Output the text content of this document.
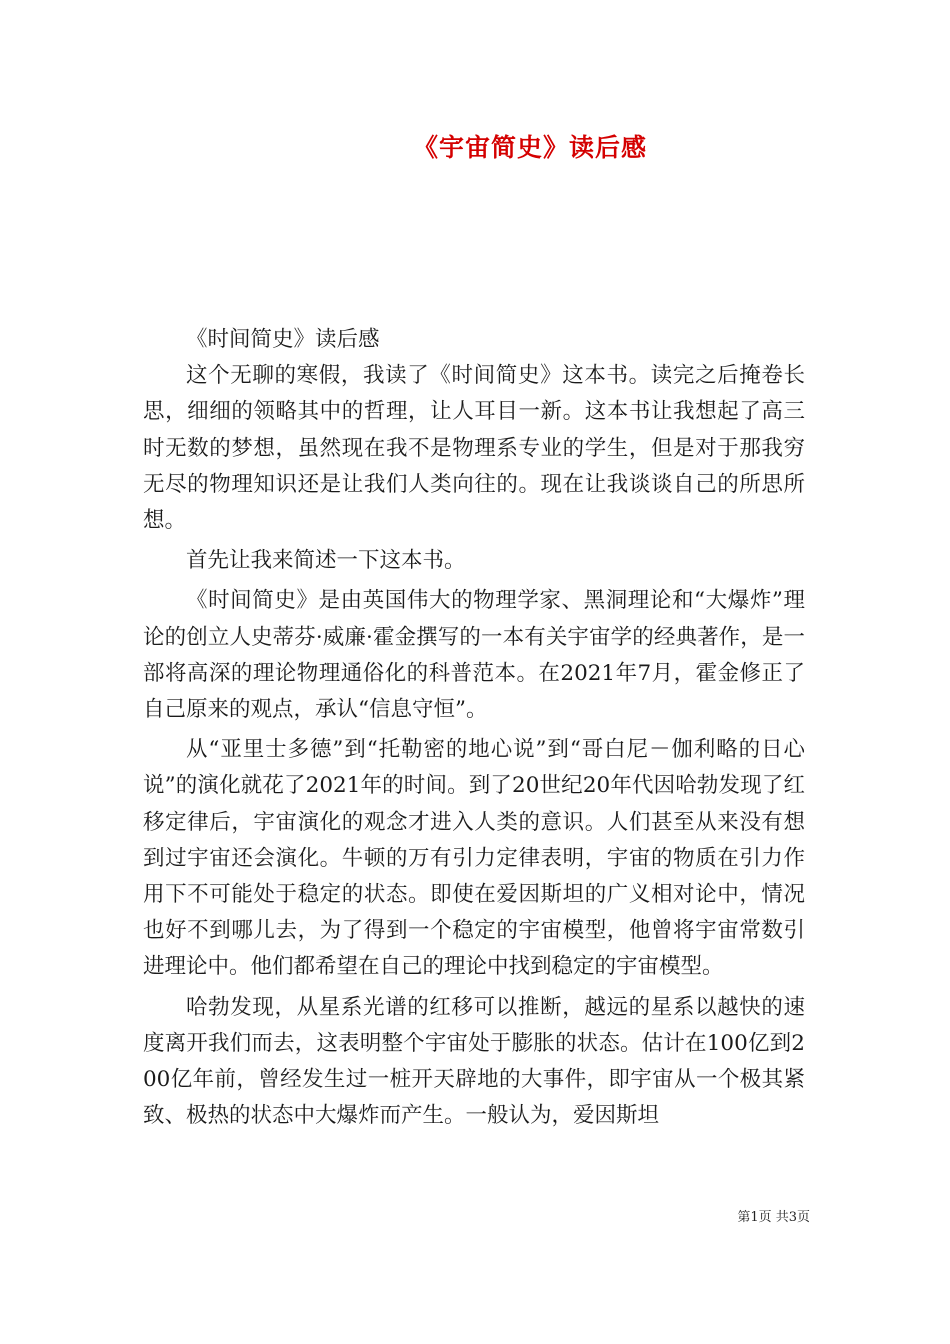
《宇宙简史》读后感

《时间简史》读后感

这个无聊的寒假，我读了《时间简史》这本书。读完之后掩卷长思，细细的领略其中的哲理，让人耳目一新。这本书让我想起了高三时无数的梦想，虽然现在我不是物理系专业的学生，但是对于那我穷无尽的物理知识还是让我们人类向往的。现在让我谈谈自己的所思所想。

首先让我来简述一下这本书。

《时间简史》是由英国伟大的物理学家、黑洞理论和“大爆炸”理论的创立人史蒂芬·威廉·霍金撰写的一本有关宇宙学的经典著作，是一部将高深的理论物理通俗化的科普范本。在2021年7月，霍金修正了自己原来的观点，承认“信息守恒”。

从“亚里士多德”到“托勒密的地心说”到“哥白尼－伽利略的日心说”的演化就花了2021年的时间。到了20世纪20年代因哈勃发现了红移定律后，宇宙演化的观念才进入人类的意识。人们甚至从来没有想到过宇宙还会演化。牛顿的万有引力定律表明，宇宙的物质在引力作用下不可能处于稳定的状态。即使在爱因斯坦的广义相对论中，情况也好不到哪儿去，为了得到一个稳定的宇宙模型，他曾将宇宙常数引进理论中。他们都希望在自己的理论中找到稳定的宇宙模型。

哈勃发现，从星系光谱的红移可以推断，越远的星系以越快的速度离开我们而去，这表明整个宇宙处于膨胀的状态。估计在100亿到200亿年前，曾经发生过一桩开天辟地的大事件，即宇宙从一个极其紧致、极热的状态中大爆炸而产生。一般认为，爱因斯坦

第1页 共3页
